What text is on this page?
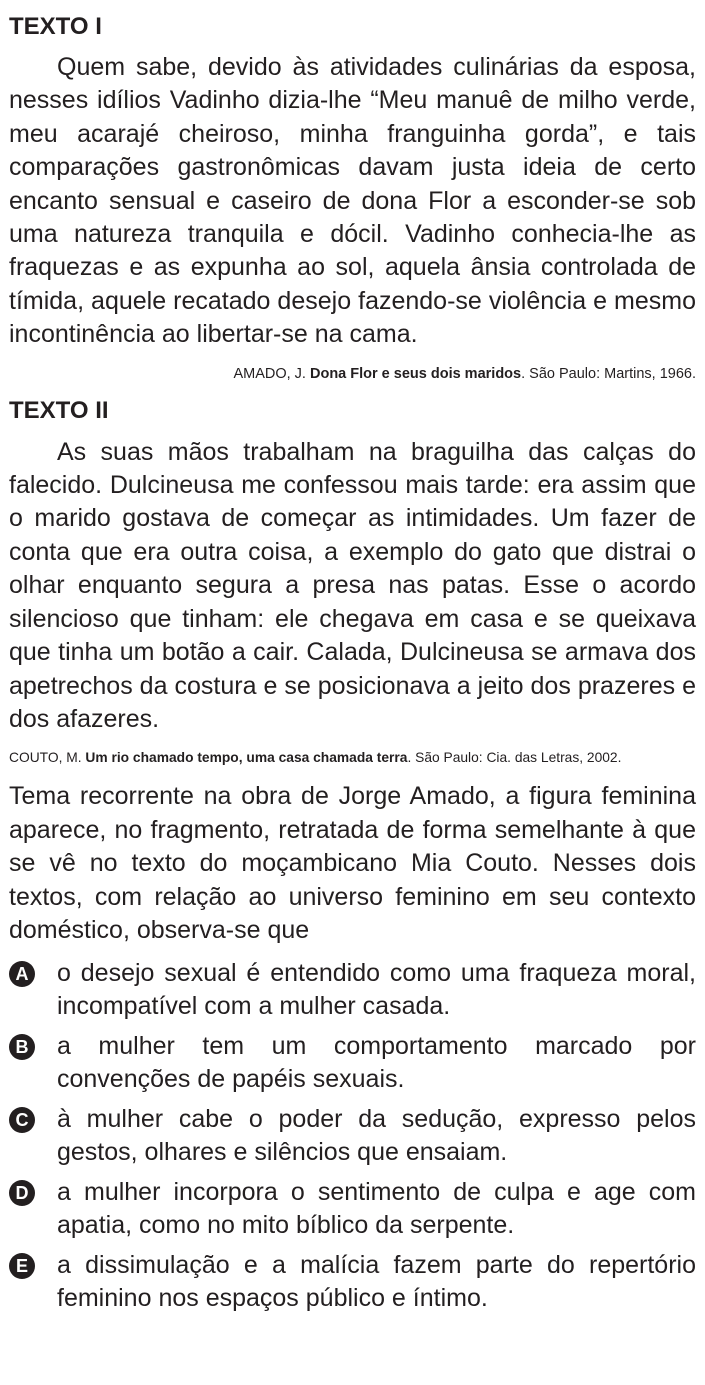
TEXTO I

Quem sabe, devido às atividades culinárias da esposa, nesses idílios Vadinho dizia-lhe “Meu manuê de milho verde, meu acarajé cheiroso, minha franguinha gorda”, e tais comparações gastronômicas davam justa ideia de certo encanto sensual e caseiro de dona Flor a esconder-se sob uma natureza tranquila e dócil. Vadinho conhecia-lhe as fraquezas e as expunha ao sol, aquela ânsia controlada de tímida, aquele recatado desejo fazendo-se violência e mesmo incontinência ao libertar-se na cama.

AMADO, J. Dona Flor e seus dois maridos. São Paulo: Martins, 1966.
TEXTO II

As suas mãos trabalham na braguilha das calças do falecido. Dulcineusa me confessou mais tarde: era assim que o marido gostava de começar as intimidades. Um fazer de conta que era outra coisa, a exemplo do gato que distrai o olhar enquanto segura a presa nas patas. Esse o acordo silencioso que tinham: ele chegava em casa e se queixava que tinha um botão a cair. Calada, Dulcineusa se armava dos apetrechos da costura e se posicionava a jeito dos prazeres e dos afazeres.

COUTO, M. Um rio chamado tempo, uma casa chamada terra. São Paulo: Cia. das Letras, 2002.

Tema recorrente na obra de Jorge Amado, a figura feminina aparece, no fragmento, retratada de forma semelhante à que se vê no texto do moçambicano Mia Couto. Nesses dois textos, com relação ao universo feminino em seu contexto doméstico, observa-se que

A o desejo sexual é entendido como uma fraqueza moral, incompatível com a mulher casada.
B a mulher tem um comportamento marcado por convenções de papéis sexuais.
C à mulher cabe o poder da sedução, expresso pelos gestos, olhares e silêncios que ensaiam.
D a mulher incorpora o sentimento de culpa e age com apatia, como no mito bíblico da serpente.
E a dissimulação e a malícia fazem parte do repertório feminino nos espaços público e íntimo.
